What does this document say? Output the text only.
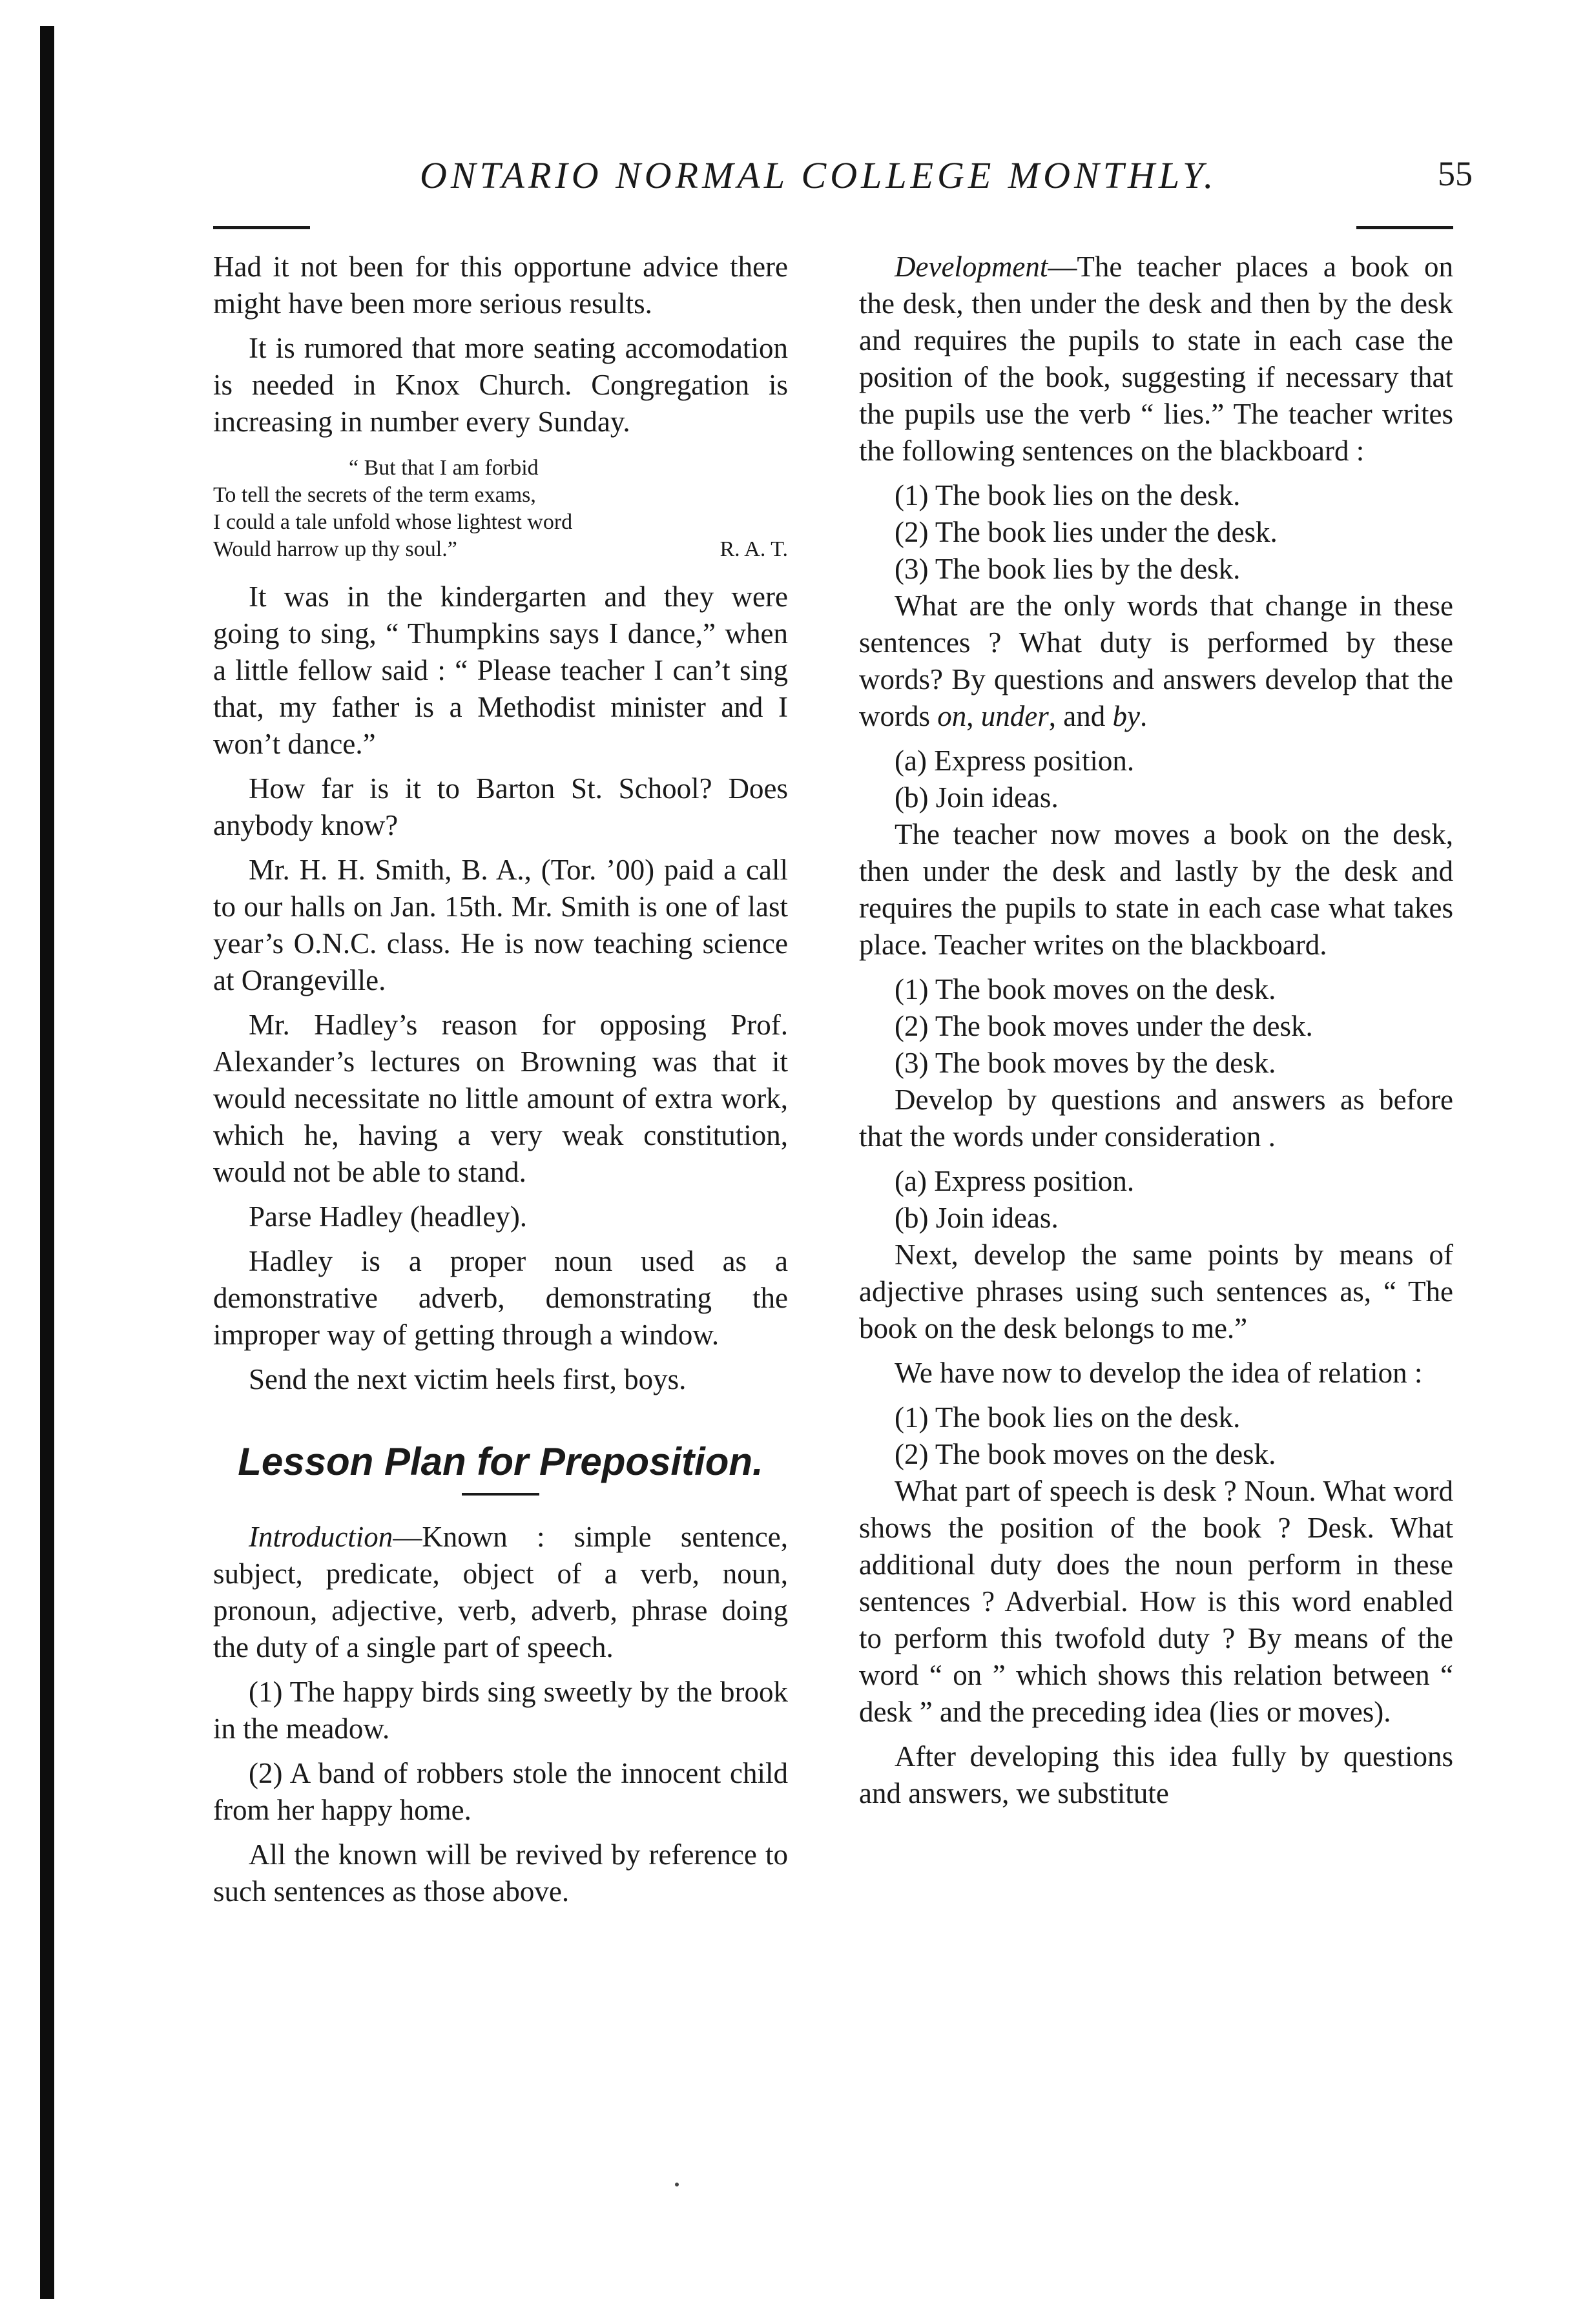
ONTARIO NORMAL COLLEGE MONTHLY.	55

Had it not been for this opportune advice there might have been more serious results.

It is rumored that more seating accomodation is needed in Knox Church. Congregation is increasing in number every Sunday.

“ But that I am forbid
To tell the secrets of the term exams,
I could a tale unfold whose lightest word
Would harrow up thy soul.”	R. A. T.

It was in the kindergarten and they were going to sing, “ Thumpkins says I dance,” when a little fellow said : “ Please teacher I can’t sing that, my father is a Methodist minister and I won’t dance.”

How far is it to Barton St. School? Does anybody know?

Mr. H. H. Smith, B. A., (Tor. ’00) paid a call to our halls on Jan. 15th. Mr. Smith is one of last year’s O.N.C. class. He is now teaching science at Orangeville.

Mr. Hadley’s reason for opposing Prof. Alexander’s lectures on Browning was that it would necessitate no little amount of extra work, which he, having a very weak constitution, would not be able to stand.

Parse Hadley (headley).

Hadley is a proper noun used as a demonstrative adverb, demonstrating the improper way of getting through a window.

Send the next victim heels first, boys.

Lesson Plan for Preposition.

Introduction—Known : simple sentence, subject, predicate, object of a verb, noun, pronoun, adjective, verb, adverb, phrase doing the duty of a single part of speech.

(1) The happy birds sing sweetly by the brook in the meadow.

(2) A band of robbers stole the innocent child from her happy home.

All the known will be revived by reference to such sentences as those above.

Development—The teacher places a book on the desk, then under the desk and then by the desk and requires the pupils to state in each case the position of the book, suggesting if necessary that the pupils use the verb “ lies.” The teacher writes the following sentences on the blackboard :

(1) The book lies on the desk.
(2) The book lies under the desk.
(3) The book lies by the desk.

What are the only words that change in these sentences ? What duty is performed by these words? By questions and answers develop that the words on, under, and by.

(a) Express position.
(b) Join ideas.

The teacher now moves a book on the desk, then under the desk and lastly by the desk and requires the pupils to state in each case what takes place. Teacher writes on the blackboard.

(1) The book moves on the desk.
(2) The book moves under the desk.
(3) The book moves by the desk.

Develop by questions and answers as before that the words under consideration .

(a) Express position.
(b) Join ideas.

Next, develop the same points by means of adjective phrases using such sentences as, “ The book on the desk belongs to me.”

We have now to develop the idea of relation :

(1) The book lies on the desk.
(2) The book moves on the desk.

What part of speech is desk ? Noun. What word shows the position of the book ? Desk. What additional duty does the noun perform in these sentences ? Adverbial. How is this word enabled to perform this twofold duty ? By means of the word “ on ” which shows this relation between “ desk ” and the preceding idea (lies or moves).

After developing this idea fully by questions and answers, we substitute
